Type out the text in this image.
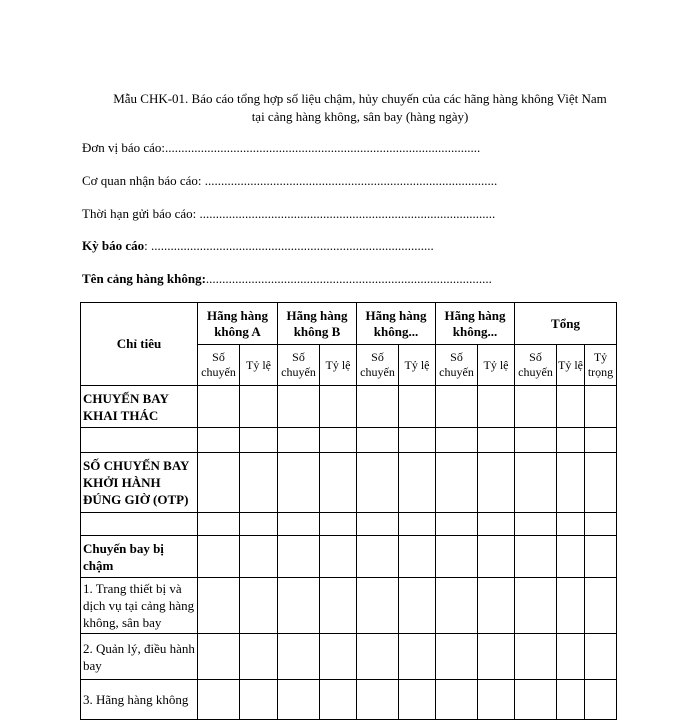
Mẫu CHK-01. Báo cáo tổng hợp số liệu chậm, hủy chuyến của các hãng hàng không Việt Nam
tại cảng hàng không, sân bay (hàng ngày)
Đơn vị báo cáo:.................................................................................................
Cơ quan nhận báo cáo: ..........................................................................................
Thời hạn gửi báo cáo: ...........................................................................................
Kỳ báo cáo: .......................................................................................
Tên cảng hàng không:........................................................................................
Chỉ tiêu	Hãng hàng không A		Hãng hàng không B		Hãng hàng không...		Hãng hàng không...		Tổng		
	Số chuyến	Tỷ lệ	Số chuyến	Tỷ lệ	Số chuyến	Tỷ lệ	Số chuyến	Tỷ lệ	Số chuyến	Tỷ lệ	Tỷ trọng
CHUYẾN BAY KHAI THÁC											

SỐ CHUYẾN BAY KHỞI HÀNH ĐÚNG GIỜ (OTP)											

Chuyến bay bị chậm											
1. Trang thiết bị và dịch vụ tại cảng hàng không, sân bay											
2. Quản lý, điều hành bay											
3. Hãng hàng không											
